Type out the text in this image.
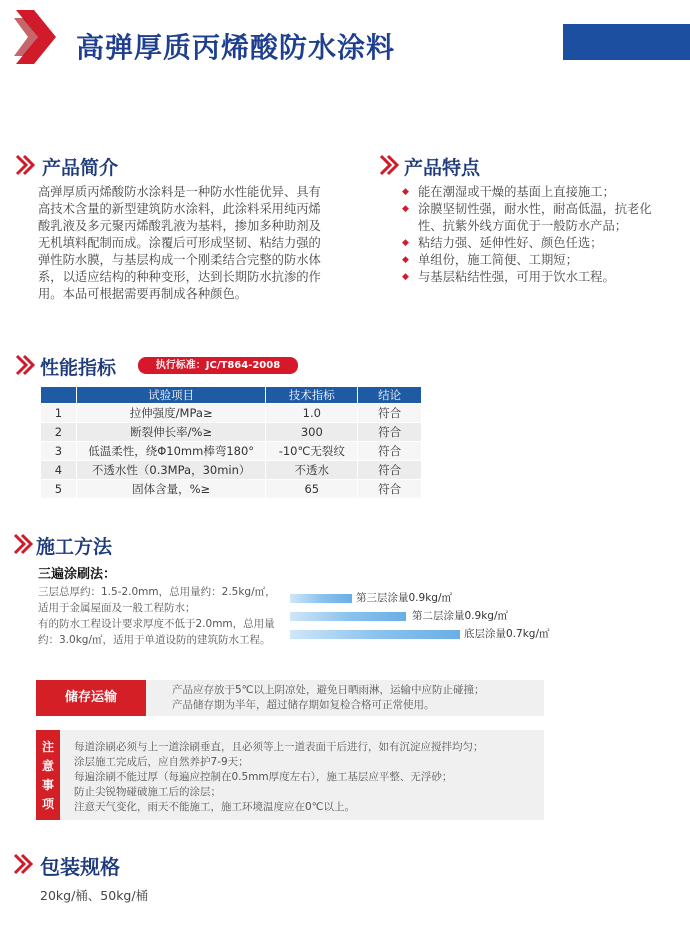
高弹厚质丙烯酸防水涂料
产品简介
高弹厚质丙烯酸防水涂料是一种防水性能优异、具有高技术含量的新型建筑防水涂料，此涂料采用纯丙烯酸乳液及多元聚丙烯酸乳液为基料，掺加多种助剂及无机填料配制而成。涂覆后可形成坚韧、粘结力强的弹性防水膜，与基层构成一个刚柔结合完整的防水体系，以适应结构的种种变形，达到长期防水抗渗的作用。本品可根据需要再制成各种颜色。
产品特点
◆ 能在潮湿或干燥的基面上直接施工；
◆ 涂膜坚韧性强，耐水性，耐高低温，抗老化性、抗紫外线方面优于一般防水产品；
◆ 粘结力强、延伸性好、颜色任选；
◆ 单组份，施工简便、工期短；
◆ 与基层粘结性强，可用于饮水工程。
性能指标	执行标准：JC/T864-2008
	试验项目	技术指标	结论
1	拉伸强度/MPa≥	1.0	符合
2	断裂伸长率/%≥	300	符合
3	低温柔性，绕Φ10mm棒弯180°	-10℃无裂纹	符合
4	不透水性（0.3MPa，30min）	不透水	符合
5	固体含量，%≥	65	符合
施工方法
三遍涂刷法：
三层总厚约：1.5-2.0mm，总用量约：2.5kg/㎡，
适用于金属屋面及一般工程防水；
有的防水工程设计要求厚度不低于2.0mm，总用量
约：3.0kg/㎡，适用于单道设防的建筑防水工程。
第三层涂量0.9kg/㎡
第二层涂量0.9kg/㎡
底层涂量0.7kg/㎡
储存运输	产品应存放于5℃以上阴凉处，避免日晒雨淋，运输中应防止碰撞；
产品储存期为半年，超过储存期如复检合格可正常使用。
注
意
事
项
每道涂刷必须与上一道涂刷垂直，且必须等上一道表面干后进行，如有沉淀应搅拌均匀；
涂层施工完成后，应自然养护7-9天；
每遍涂刷不能过厚（每遍应控制在0.5mm厚度左右），施工基层应平整、无浮砂；
防止尖锐物碰破施工后的涂层；
注意天气变化，雨天不能施工，施工环境温度应在0℃以上。
包装规格
20kg/桶、50kg/桶
